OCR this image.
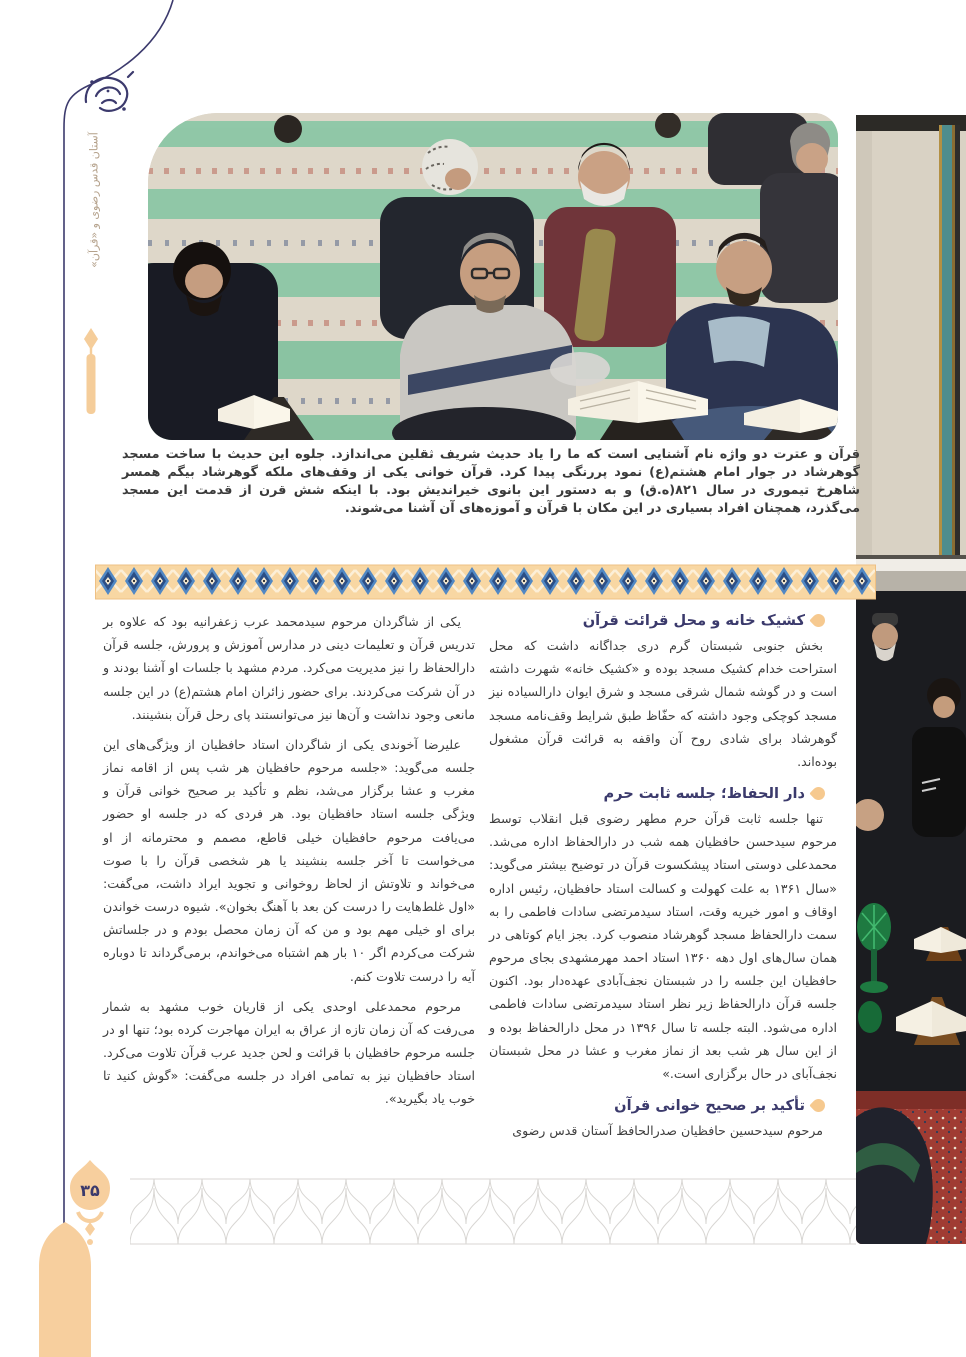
آستان قدس رضوی و «قرآن»

قرآن و عترت دو واژه نام آشنایی است که ما را یاد حدیث شریف ثقلین می‌اندازد. جلوه این حدیث با ساخت مسجد گوهرشاد در جوار امام هشتم(ع) نمود پررنگی پیدا کرد. قرآن خوانی یکی از وقف‌های ملکه گوهرشاد بیگم همسر شاهرخ تیموری در سال ۸۲۱(ه.ق) و به دستور این بانوی خیراندیش بود. با اینکه شش قرن از قدمت این مسجد می‌گذرد، همچنان افراد بسیاری در این مکان با قرآن و آموزه‌های آن آشنا می‌شوند.

کشیک خانه و محل قرائت قرآن

بخش جنوبی شبستان گرم دری جداگانه داشت که محل استراحت خدام کشیک مسجد بوده و «کشیک خانه» شهرت داشته است و در گوشه شمال شرقی مسجد و شرق ایوان دارالسیاده نیز مسجد کوچکی وجود داشته که حفّاظ طبق شرایط وقف‌نامه مسجد گوهرشاد برای شادی روح آن واقفه به قرائت قرآن مشغول بوده‌اند.

دار الحفاظ؛ جلسه ثابت حرم

تنها جلسه ثابت قرآن حرم مطهر رضوی قبل انقلاب توسط مرحوم سیدحسن حافظیان همه شب در دارالحفاظ اداره می‌شد. محمدعلی دوستی استاد پیشکسوت قرآن در توضیح بیشتر می‌گوید: «سال ۱۳۶۱ به علت کهولت و کسالت استاد حافظیان، رئیس اداره اوقاف و امور خیریه وقت، استاد سیدمرتضی سادات فاطمی را به سمت دارالحفاظ مسجد گوهرشاد منصوب کرد. بجز ایام کوتاهی در همان سال‌های اول دهه ۱۳۶۰ استاد احمد مهرمشهدی بجای مرحوم حافظیان این جلسه را در شبستان نجف‌آبادی عهده‌دار بود. اکنون جلسه قرآن دارالحفاظ زیر نظر استاد سیدمرتضی سادات فاطمی اداره می‌شود. البته جلسه تا سال ۱۳۹۶ در محل دارالحفاظ بوده و از این سال هر شب بعد از نماز مغرب و عشا در محل شبستان نجف‌آبای در حال برگزاری است.»

تأکید بر صحیح خوانی قرآن

مرحوم سیدحسین حافظیان صدرالحافظ آستان قدس رضوی

یکی از شاگردان مرحوم سیدمحمد عرب زعفرانیه بود که علاوه بر تدریس قرآن و تعلیمات دینی در مدارس آموزش و پرورش، جلسه قرآن دارالحفاظ را نیز مدیریت می‌کرد. مردم مشهد با جلسات او آشنا بودند و در آن شرکت می‌کردند. برای حضور زائران امام هشتم(ع) در این جلسه مانعی وجود نداشت و آن‌ها نیز می‌توانستند پای رحل قرآن بنشینند.

علیرضا آخوندی یکی از شاگردان استاد حافظیان از ویژگی‌های این جلسه می‌گوید: «جلسه مرحوم حافظیان هر شب پس از اقامه نماز مغرب و عشا برگزار می‌شد، نظم و تأکید بر صحیح خوانی قرآن و ویژگی جلسه استاد حافظیان بود. هر فردی که در جلسه او حضور می‌یافت مرحوم حافظیان خیلی قاطع، مصمم و محترمانه از او می‌خواست تا آخر جلسه بنشیند یا هر شخصی قرآن را با صوت می‌خواند و تلاوتش از لحاظ روخوانی و تجوید ایراد داشت، می‌گفت: «اول غلط‌هایت را درست کن بعد با آهنگ بخوان». شیوه درست خواندن برای او خیلی مهم بود و من که آن زمان محصل بودم و در جلساتش شرکت می‌کردم اگر ۱۰ بار هم اشتباه می‌خواندم، برمی‌گرداند تا دوباره آیه را درست تلاوت کنم.

مرحوم محمدعلی اوحدی یکی از قاریان خوب مشهد به شمار می‌رفت که آن زمان تازه از عراق به ایران مهاجرت کرده بود؛ تنها او در جلسه مرحوم حافظیان با قرائت و لحن جدید عرب قرآن تلاوت می‌کرد. استاد حافظیان نیز به تمامی افراد در جلسه می‌گفت: «گوش کنید تا خوب یاد بگیرید».

۳۵
